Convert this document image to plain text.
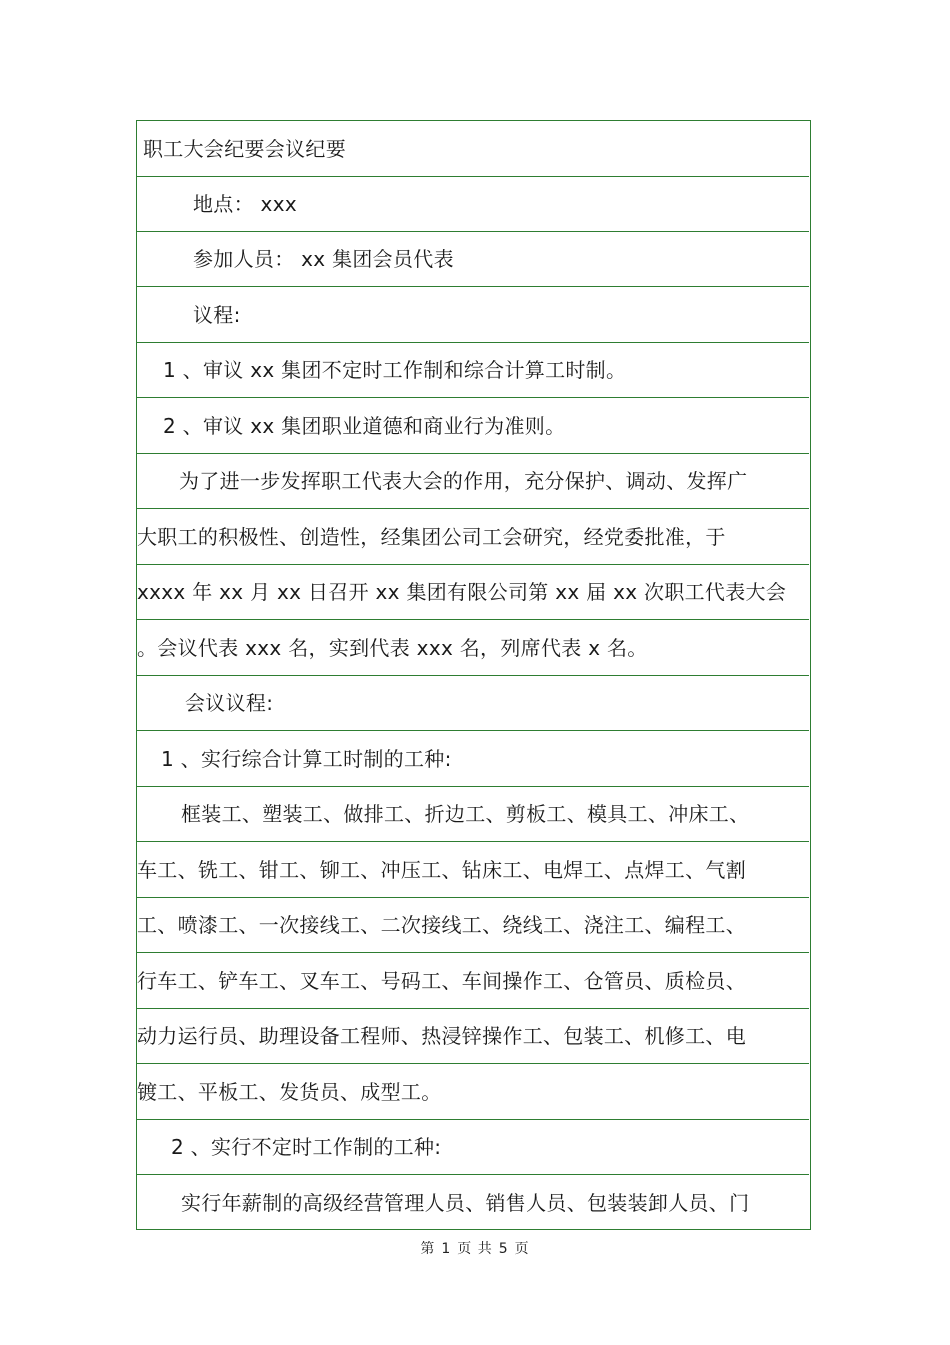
职工大会纪要会议纪要
地点： xxx
参加人员： xx 集团会员代表
议程:
1 、审议 xx 集团不定时工作制和综合计算工时制。
2 、审议 xx 集团职业道德和商业行为准则。
为了进一步发挥职工代表大会的作用，充分保护、调动、发挥广
大职工的积极性、创造性，经集团公司工会研究，经党委批准，于
xxxx 年 xx 月 xx 日召开 xx 集团有限公司第 xx 届 xx 次职工代表大会
。会议代表 xxx 名，实到代表 xxx 名，列席代表 x 名。
会议议程:
1 、实行综合计算工时制的工种:
框装工、塑装工、做排工、折边工、剪板工、模具工、冲床工、
车工、铣工、钳工、铆工、冲压工、钻床工、电焊工、点焊工、气割
工、喷漆工、一次接线工、二次接线工、绕线工、浇注工、编程工、
行车工、铲车工、叉车工、号码工、车间操作工、仓管员、质检员、
动力运行员、助理设备工程师、热浸锌操作工、包装工、机修工、电
镀工、平板工、发货员、成型工。
2 、实行不定时工作制的工种:
实行年薪制的高级经营管理人员、销售人员、包装装卸人员、门
第 1 页 共 5 页
